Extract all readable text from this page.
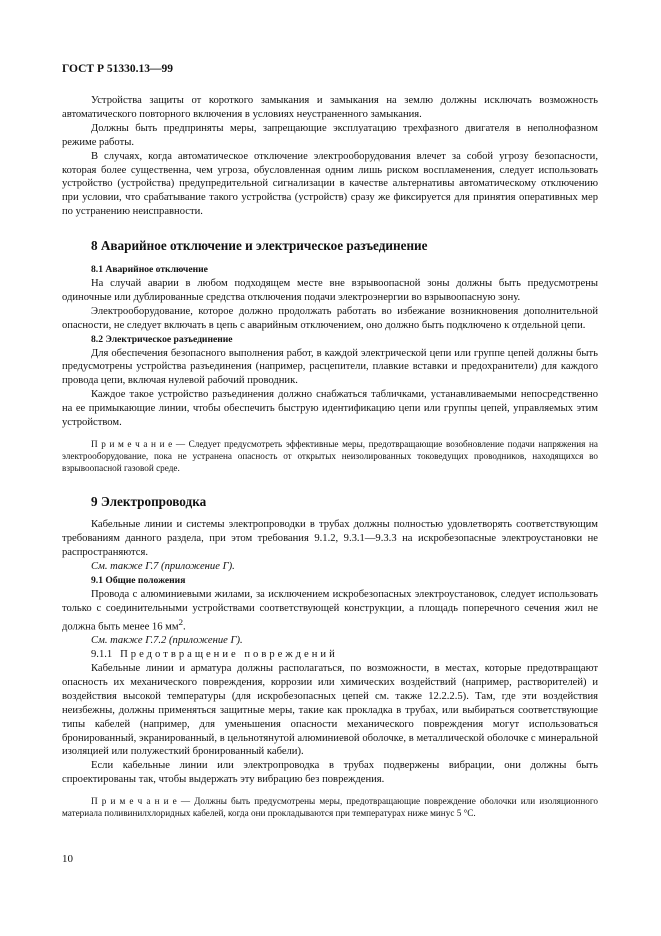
ГОСТ Р 51330.13—99

Устройства защиты от короткого замыкания и замыкания на землю должны исключать возможность автоматического повторного включения в условиях неустраненного замыкания.

Должны быть предприняты меры, запрещающие эксплуатацию трехфазного двигателя в неполнофазном режиме работы.

В случаях, когда автоматическое отключение электрооборудования влечет за собой угрозу безопасности, которая более существенна, чем угроза, обусловленная одним лишь риском воспламенения, следует использовать устройство (устройства) предупредительной сигнализации в качестве альтернативы автоматическому отключению при условии, что срабатывание такого устройства (устройств) сразу же фиксируется для принятия оперативных мер по устранению неисправности.

8 Аварийное отключение и электрическое разъединение
8.1 Аварийное отключение

На случай аварии в любом подходящем месте вне взрывоопасной зоны должны быть предусмотрены одиночные или дублированные средства отключения подачи электроэнергии во взрывоопасную зону.

Электрооборудование, которое должно продолжать работать во избежание возникновения дополнительной опасности, не следует включать в цепь с аварийным отключением, оно должно быть подключено к отдельной цепи.

8.2 Электрическое разъединение

Для обеспечения безопасного выполнения работ, в каждой электрической цепи или группе цепей должны быть предусмотрены устройства разъединения (например, расцепители, плавкие вставки и предохранители) для каждого провода цепи, включая нулевой рабочий проводник.

Каждое такое устройство разъединения должно снабжаться табличками, устанавливаемыми непосредственно на ее примыкающие линии, чтобы обеспечить быструю идентификацию цепи или группы цепей, управляемых этим устройством.

П р и м е ч а н и е — Следует предусмотреть эффективные меры, предотвращающие возобновление подачи напряжения на электрооборудование, пока не устранена опасность от открытых неизолированных токоведущих проводников, находящихся во взрывоопасной газовой среде.

9 Электропроводка

Кабельные линии и системы электропроводки в трубах должны полностью удовлетворять соответствующим требованиям данного раздела, при этом требования 9.1.2, 9.3.1—9.3.3 на искробезопасные электроустановки не распространяются.

См. также Г.7 (приложение Г).
9.1 Общие положения

Провода с алюминиевыми жилами, за исключением искробезопасных электроустановок, следует использовать только с соединительными устройствами соответствующей конструкции, а площадь поперечного сечения жил не должна быть менее 16 $мм^2$.

См. также Г.7.2 (приложение Г).

9.1.1 Предотвращение повреждений

Кабельные линии и арматура должны располагаться, по возможности, в местах, которые предотвращают опасность их механического повреждения, коррозии или химических воздействий (например, растворителей) и воздействия высокой температуры (для искробезопасных цепей см. также 12.2.2.5). Там, где эти воздействия неизбежны, должны применяться защитные меры, такие как прокладка в трубах, или выбираться соответствующие типы кабелей (например, для уменьшения опасности механического повреждения могут использоваться бронированный, экранированный, в цельнотянутой алюминиевой оболочке, в металлической оболочке с минеральной изоляцией или полужесткий бронированный кабели).

Если кабельные линии или электропроводка в трубах подвержены вибрации, они должны быть спроектированы так, чтобы выдержать эту вибрацию без повреждения.

П р и м е ч а н и е — Должны быть предусмотрены меры, предотвращающие повреждение оболочки или изоляционного материала поливинилхлоридных кабелей, когда они прокладываются при температурах ниже минус 5 °С.

10
